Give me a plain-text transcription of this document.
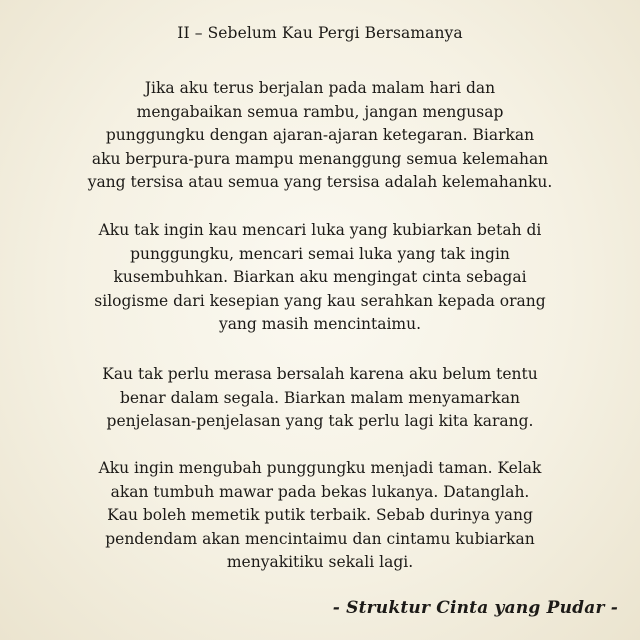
II – Sebelum Kau Pergi Bersamanya
Jika aku terus berjalan pada malam hari dan
mengabaikan semua rambu, jangan mengusap
punggungku dengan ajaran-ajaran ketegaran. Biarkan
aku berpura-pura mampu menanggung semua kelemahan
yang tersisa atau semua yang tersisa adalah kelemahanku.
Aku tak ingin kau mencari luka yang kubiarkan betah di
punggungku, mencari semai luka yang tak ingin
kusembuhkan. Biarkan aku mengingat cinta sebagai
silogisme dari kesepian yang kau serahkan kepada orang
yang masih mencintaimu.
Kau tak perlu merasa bersalah karena aku belum tentu
benar dalam segala. Biarkan malam menyamarkan
penjelasan-penjelasan yang tak perlu lagi kita karang.
Aku ingin mengubah punggungku menjadi taman. Kelak
akan tumbuh mawar pada bekas lukanya. Datanglah.
Kau boleh memetik putik terbaik. Sebab durinya yang
pendendam akan mencintaimu dan cintamu kubiarkan
menyakitiku sekali lagi.
- Struktur Cinta yang Pudar -
